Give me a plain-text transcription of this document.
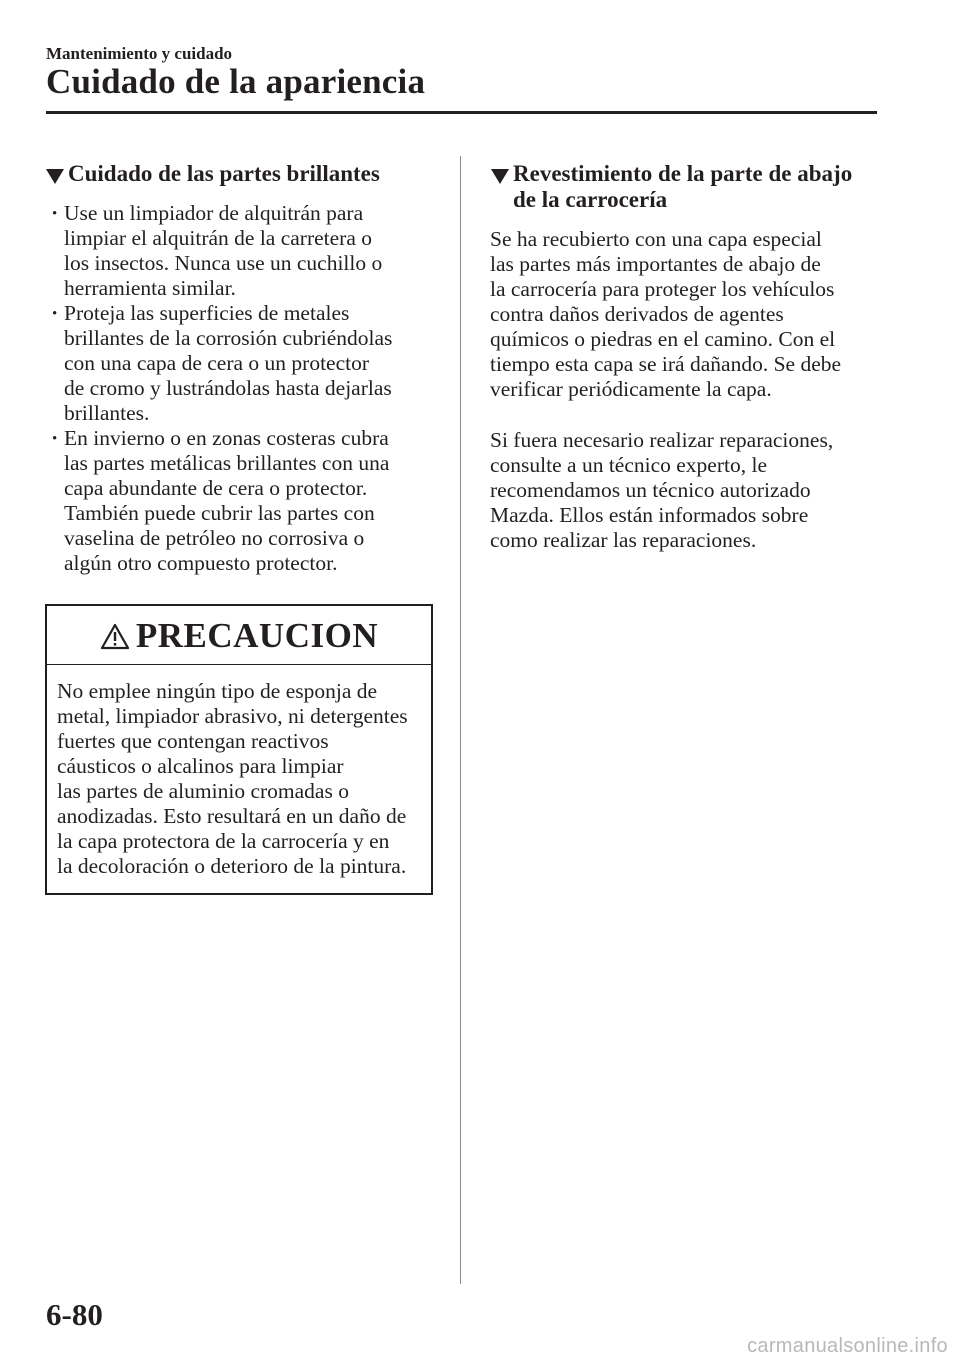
Mantenimiento y cuidado
Cuidado de la apariencia
Cuidado de las partes brillantes
• Use un limpiador de alquitrán para
limpiar el alquitrán de la carretera o
los insectos. Nunca use un cuchillo o
herramienta similar.
• Proteja las superficies de metales
brillantes de la corrosión cubriéndolas
con una capa de cera o un protector
de cromo y lustrándolas hasta dejarlas
brillantes.
• En invierno o en zonas costeras cubra
las partes metálicas brillantes con una
capa abundante de cera o protector.
También puede cubrir las partes con
vaselina de petróleo no corrosiva o
algún otro compuesto protector.
PRECAUCION
No emplee ningún tipo de esponja de
metal, limpiador abrasivo, ni detergentes
fuertes que contengan reactivos
cáusticos o alcalinos para limpiar
las partes de aluminio cromadas o
anodizadas. Esto resultará en un daño de
la capa protectora de la carrocería y en
la decoloración o deterioro de la pintura.
Revestimiento de la parte de abajo
de la carrocería
Se ha recubierto con una capa especial
las partes más importantes de abajo de
la carrocería para proteger los vehículos
contra daños derivados de agentes
químicos o piedras en el camino. Con el
tiempo esta capa se irá dañando. Se debe
verificar periódicamente la capa.
Si fuera necesario realizar reparaciones,
consulte a un técnico experto, le
recomendamos un técnico autorizado
Mazda. Ellos están informados sobre
como realizar las reparaciones.
6-80
carmanualsonline.info
